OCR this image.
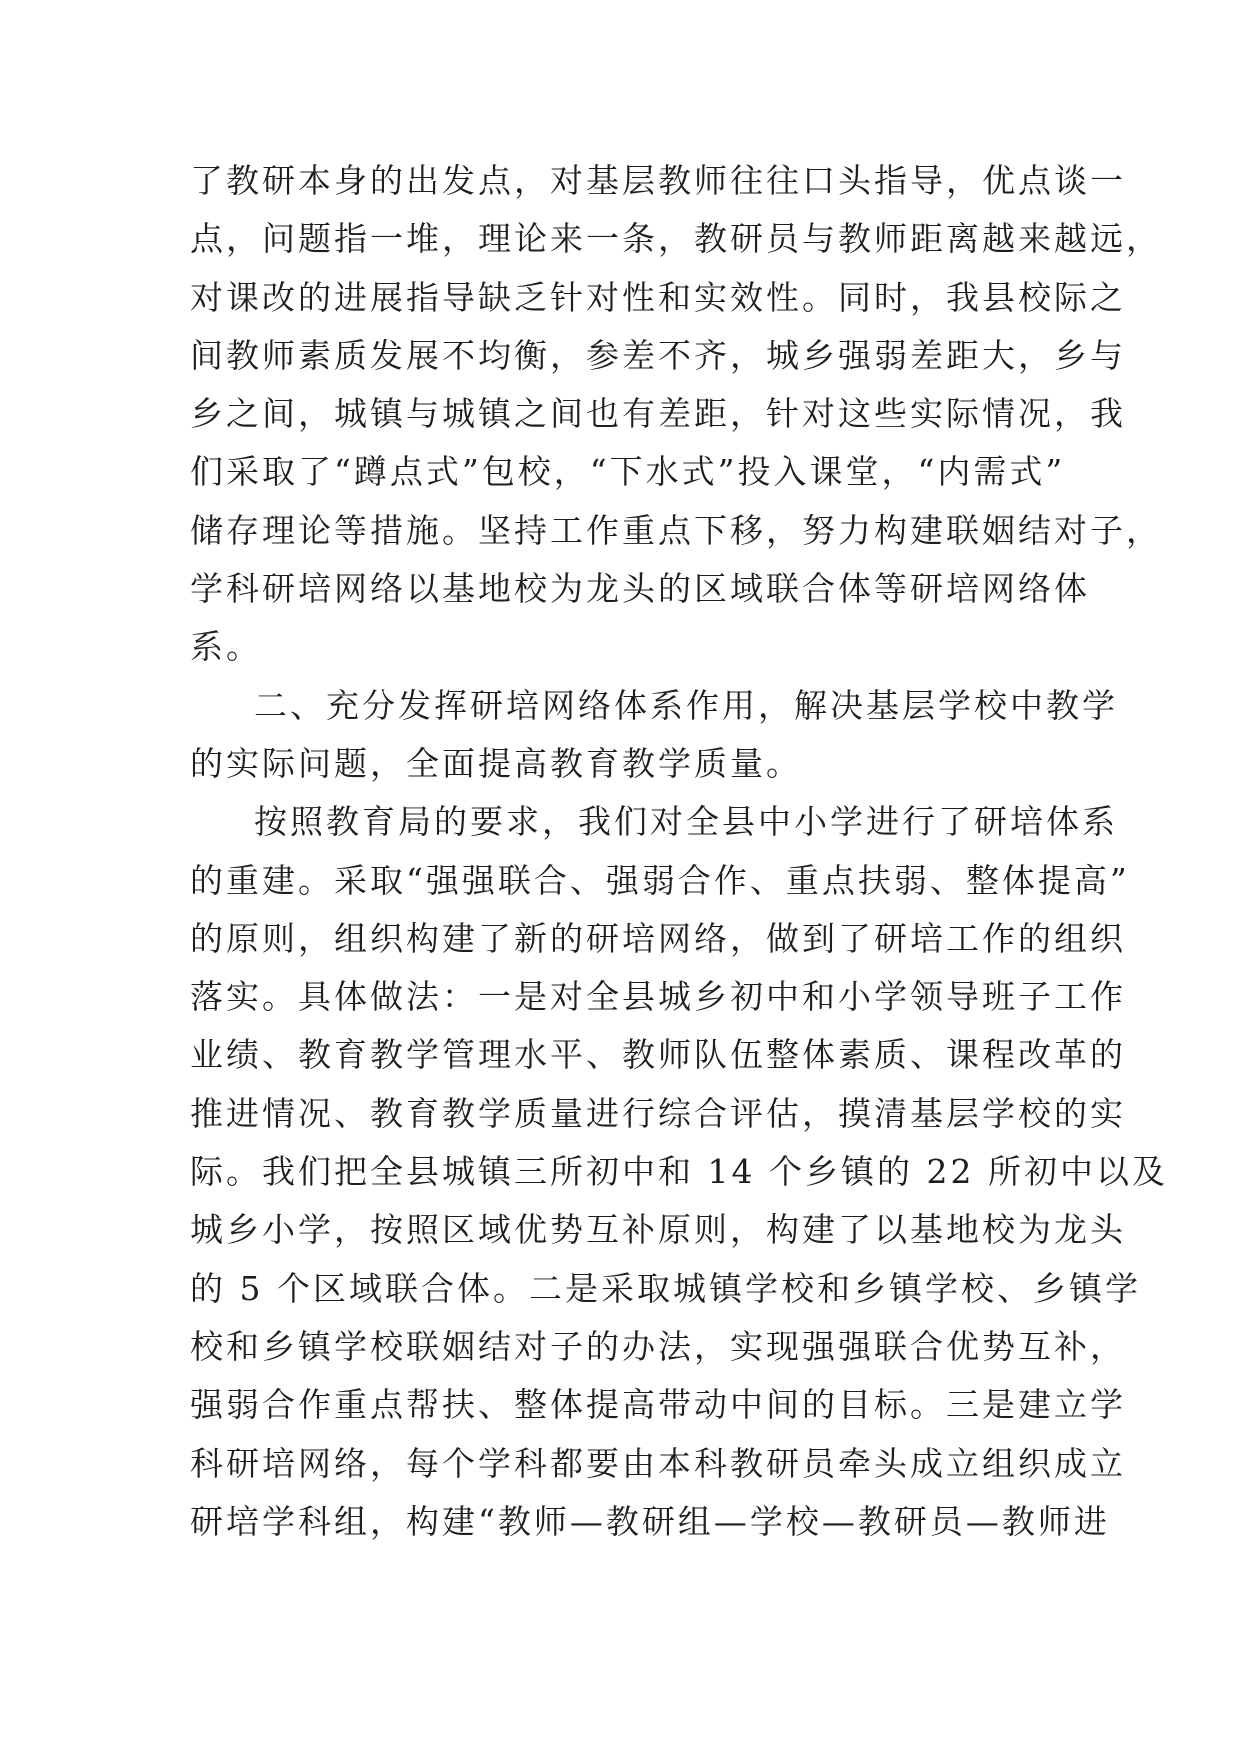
了教研本身的出发点，对基层教师往往口头指导，优点谈一
点，问题指一堆，理论来一条，教研员与教师距离越来越远，
对课改的进展指导缺乏针对性和实效性。同时，我县校际之
间教师素质发展不均衡，参差不齐，城乡强弱差距大，乡与
乡之间，城镇与城镇之间也有差距，针对这些实际情况，我
们采取了“蹲点式”包校，“下水式”投入课堂，“内需式”
储存理论等措施。坚持工作重点下移，努力构建联姻结对子，
学科研培网络以基地校为龙头的区域联合体等研培网络体
系。
二、充分发挥研培网络体系作用，解决基层学校中教学
的实际问题，全面提高教育教学质量。
按照教育局的要求，我们对全县中小学进行了研培体系
的重建。采取“强强联合、强弱合作、重点扶弱、整体提高”
的原则，组织构建了新的研培网络，做到了研培工作的组织
落实。具体做法：一是对全县城乡初中和小学领导班子工作
业绩、教育教学管理水平、教师队伍整体素质、课程改革的
推进情况、教育教学质量进行综合评估，摸清基层学校的实
际。我们把全县城镇三所初中和 14 个乡镇的 22 所初中以及
城乡小学，按照区域优势互补原则，构建了以基地校为龙头
的 5 个区域联合体。二是采取城镇学校和乡镇学校、乡镇学
校和乡镇学校联姻结对子的办法，实现强强联合优势互补，
强弱合作重点帮扶、整体提高带动中间的目标。三是建立学
科研培网络，每个学科都要由本科教研员牵头成立组织成立
研培学科组，构建“教师—教研组—学校—教研员—教师进
